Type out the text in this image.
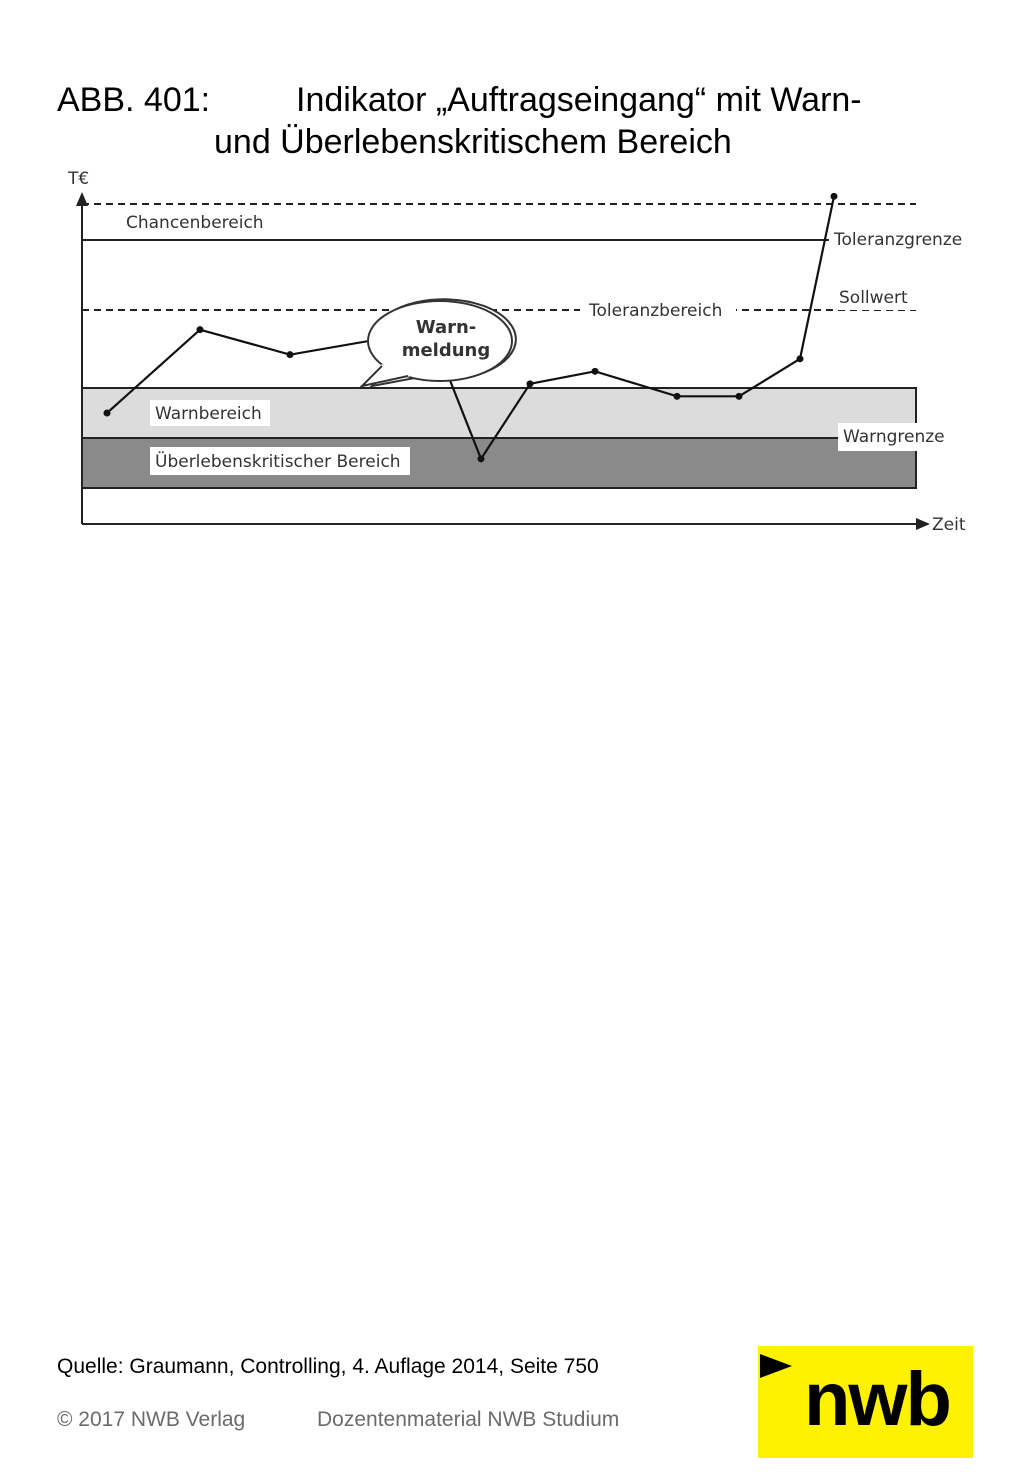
ABB. 401:	Indikator „Auftragseingang“ mit Warn-
und Überlebenskritischem Bereich
T€
Zeit
Chancenbereich
Toleranzgrenze
Toleranzbereich
Sollwert
Warnbereich
Warngrenze
Überlebenskritischer Bereich
Warn-
meldung
Quelle: Graumann, Controlling, 4. Auflage 2014, Seite 750
© 2017 NWB Verlag	Dozentenmaterial NWB Studium nwb
